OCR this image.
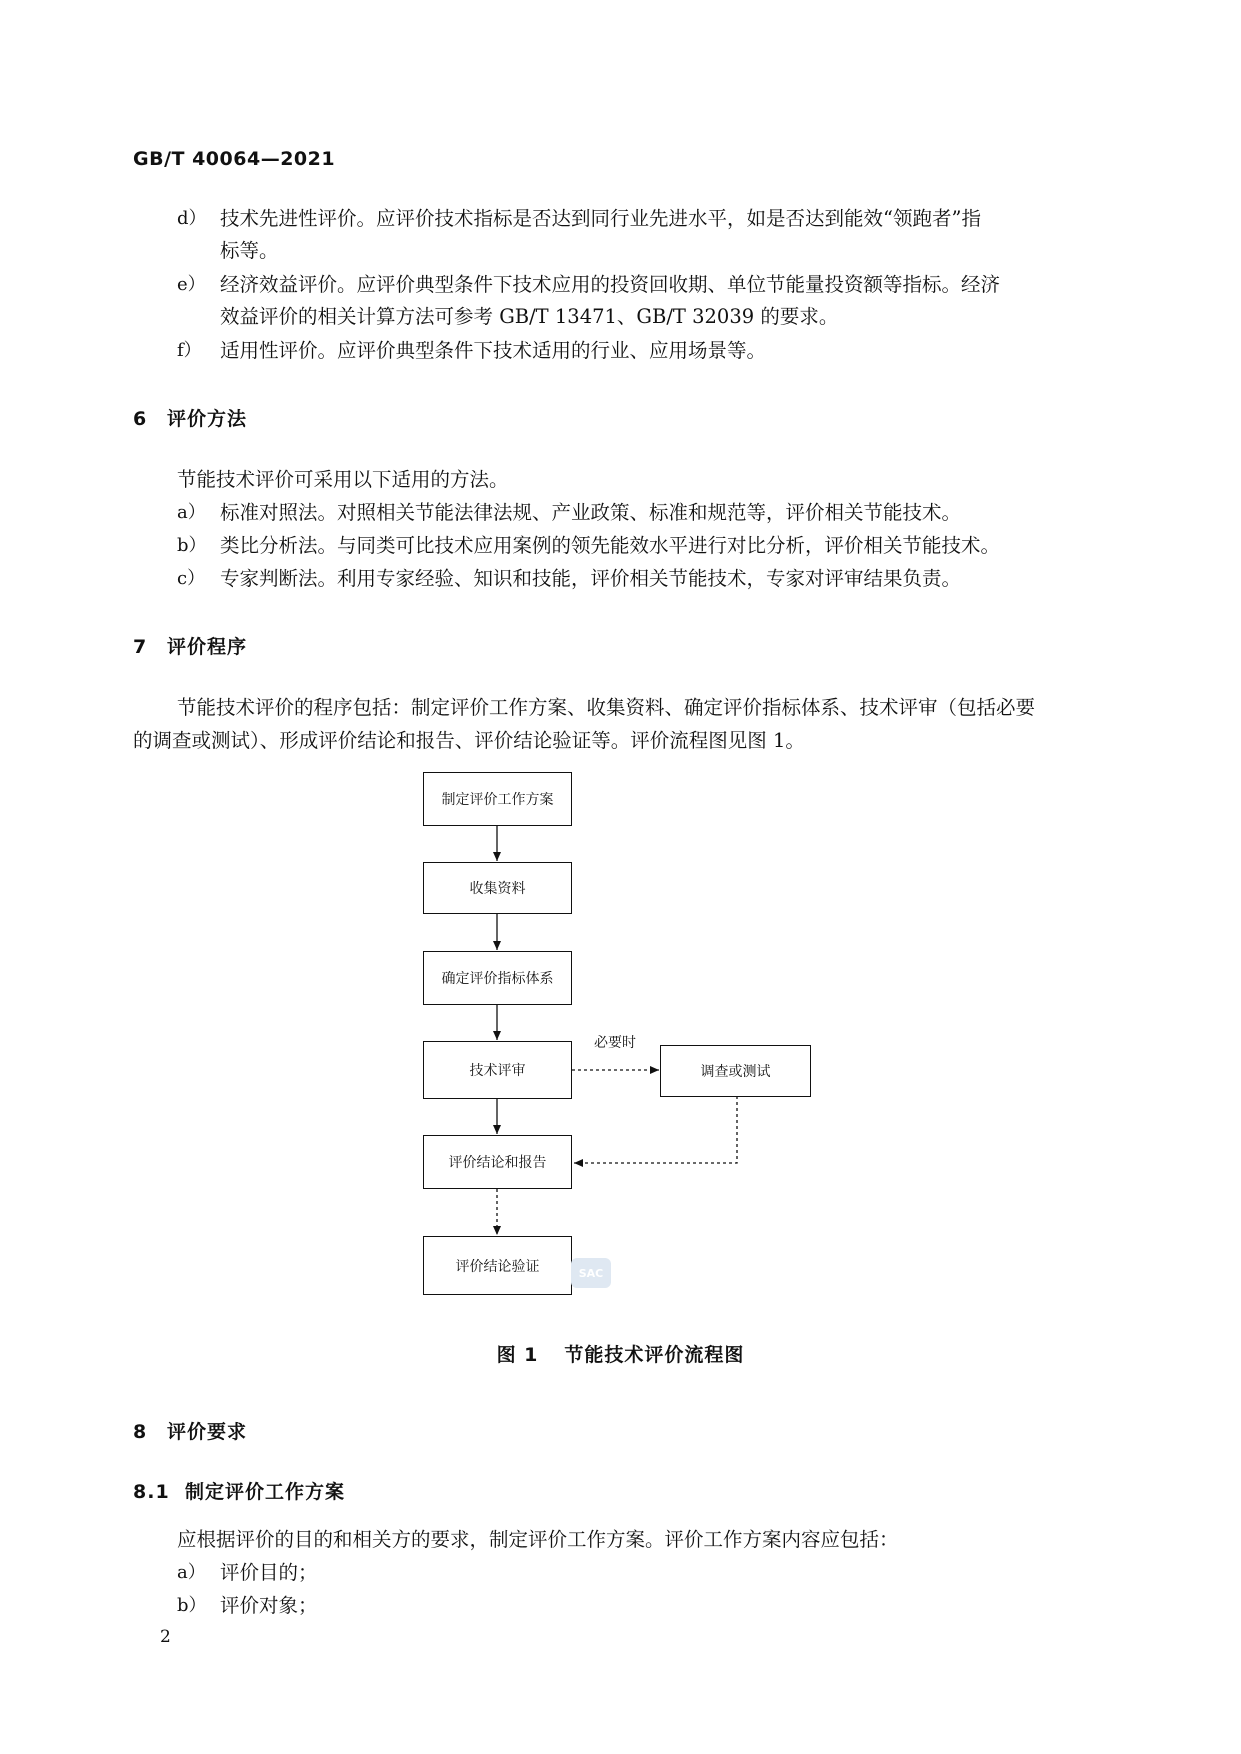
GB/T 40064—2021
d） 技术先进性评价。应评价技术指标是否达到同行业先进水平，如是否达到能效“领跑者”指
标等。
e） 经济效益评价。应评价典型条件下技术应用的投资回收期、单位节能量投资额等指标。经济
效益评价的相关计算方法可参考 GB/T 13471、GB/T 32039 的要求。
f） 适用性评价。应评价典型条件下技术适用的行业、应用场景等。
6 评价方法
节能技术评价可采用以下适用的方法。
a） 标准对照法。对照相关节能法律法规、产业政策、标准和规范等，评价相关节能技术。
b） 类比分析法。与同类可比技术应用案例的领先能效水平进行对比分析，评价相关节能技术。
c） 专家判断法。利用专家经验、知识和技能，评价相关节能技术，专家对评审结果负责。
7 评价程序
节能技术评价的程序包括：制定评价工作方案、收集资料、确定评价指标体系、技术评审（包括必要
的调查或测试）、形成评价结论和报告、评价结论验证等。评价流程图见图 1。
制定评价工作方案
收集资料
确定评价指标体系
技术评审	调查或测试
必要时
评价结论和报告
评价结论验证	SAC
图 1 节能技术评价流程图
8 评价要求
8.1 制定评价工作方案
应根据评价的目的和相关方的要求，制定评价工作方案。评价工作方案内容应包括：
a） 评价目的；
b） 评价对象；
2
